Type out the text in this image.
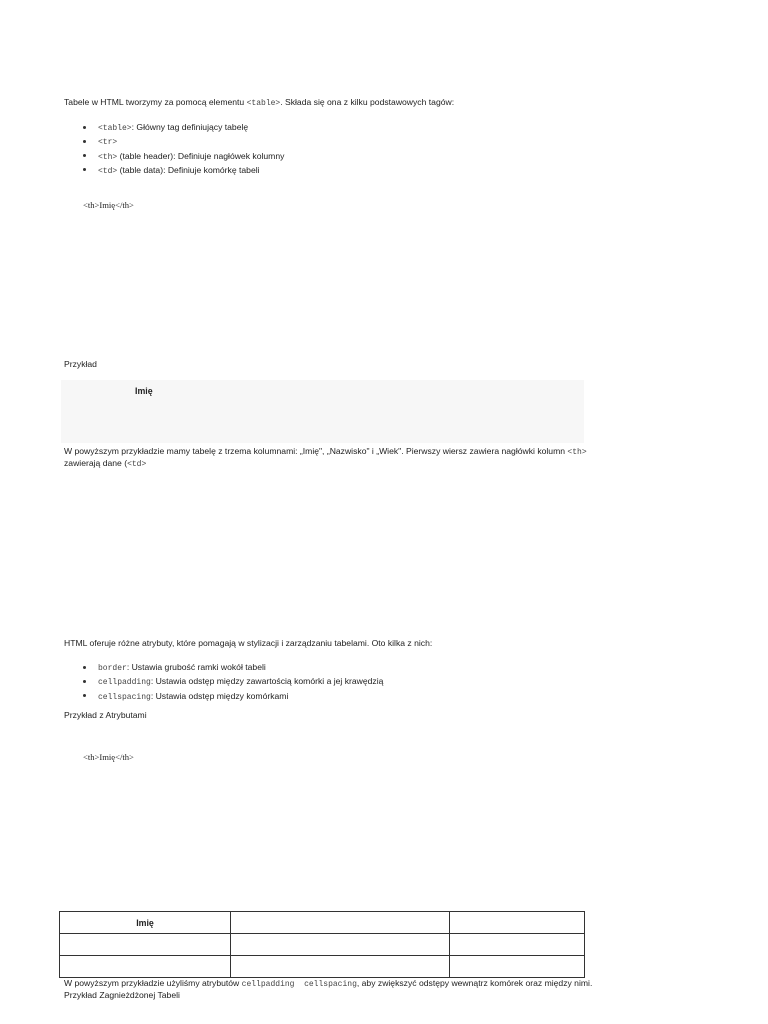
Tabele w HTML tworzymy za pomocą elementu <table>. Składa się ona z kilku podstawowych tagów:
<table>: Główny tag definiujący tabelę
<tr>
<th> (table header): Definiuje nagłówek kolumny
<td> (table data): Definiuje komórkę tabeli
<th>Imię</th>
Przykład
Imię
W powyższym przykładzie mamy tabelę z trzema kolumnami: „Imię", „Nazwisko" i „Wiek". Pierwszy wiersz zawiera nagłówki kolumn <th>
zawierają dane (<td>
HTML oferuje różne atrybuty, które pomagają w stylizacji i zarządzaniu tabelami. Oto kilka z nich:
border: Ustawia grubość ramki wokół tabeli
cellpadding: Ustawia odstęp między zawartością komórki a jej krawędzią
cellspacing: Ustawia odstęp między komórkami
Przykład z Atrybutami
<th>Imię</th>
Imię		

W powyższym przykładzie użyliśmy atrybutów cellpadding  cellspacing, aby zwiększyć odstępy wewnątrz komórek oraz między nimi.
Przykład Zagnieżdżonej Tabeli
